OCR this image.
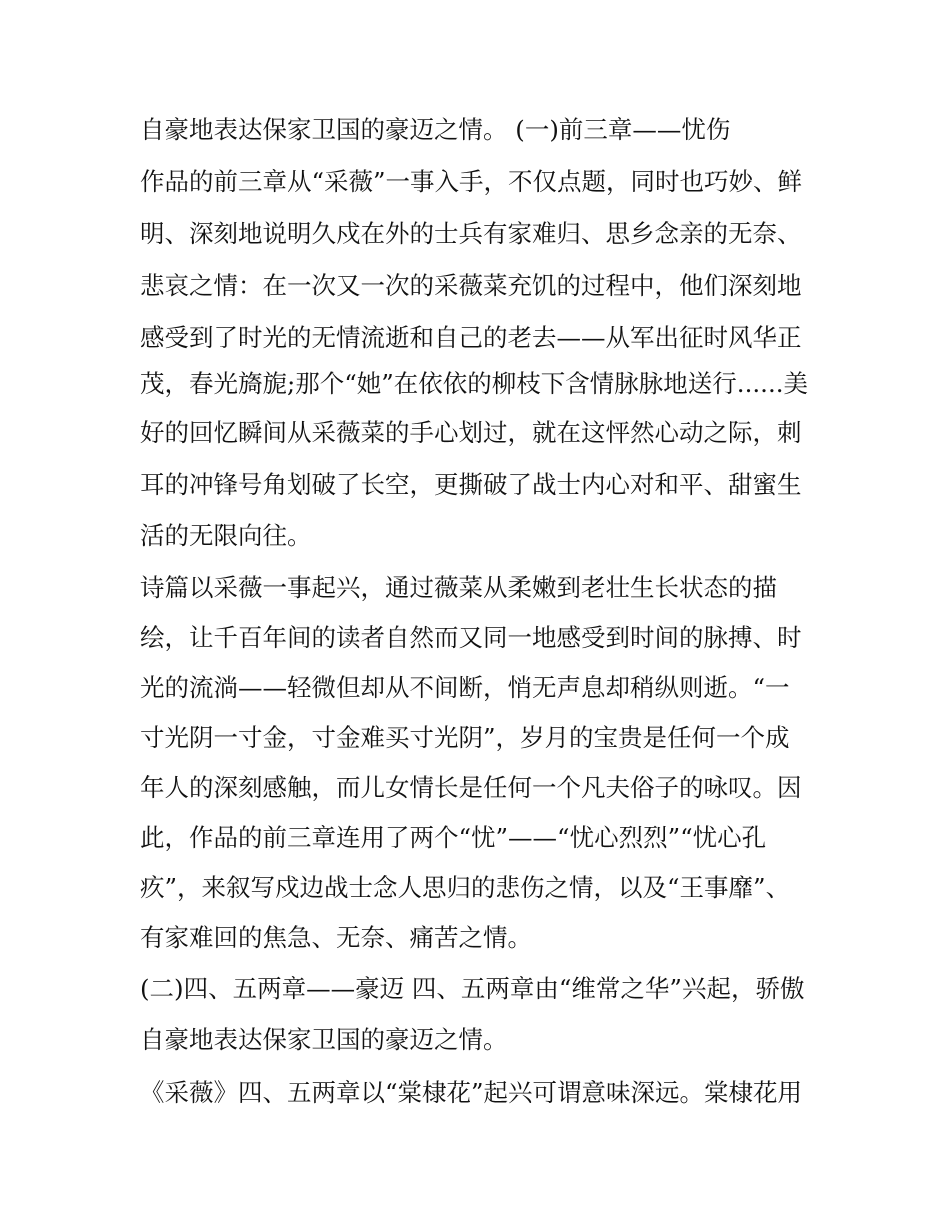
自豪地表达保家卫国的豪迈之情。 (一)前三章——忧伤
作品的前三章从“采薇”一事入手，不仅点题，同时也巧妙、鲜
明、深刻地说明久戍在外的士兵有家难归、思乡念亲的无奈、
悲哀之情：在一次又一次的采薇菜充饥的过程中，他们深刻地
感受到了时光的无情流逝和自己的老去——从军出征时风华正
茂，春光旖旎;那个“她”在依依的柳枝下含情脉脉地送行......美
好的回忆瞬间从采薇菜的手心划过，就在这怦然心动之际，刺
耳的冲锋号角划破了长空，更撕破了战士内心对和平、甜蜜生
活的无限向往。
诗篇以采薇一事起兴，通过薇菜从柔嫩到老壮生长状态的描
绘，让千百年间的读者自然而又同一地感受到时间的脉搏、时
光的流淌——轻微但却从不间断，悄无声息却稍纵则逝。“一
寸光阴一寸金，寸金难买寸光阴”，岁月的宝贵是任何一个成
年人的深刻感触，而儿女情长是任何一个凡夫俗子的咏叹。因
此，作品的前三章连用了两个“忧”——“忧心烈烈”“忧心孔
疚”，来叙写戍边战士念人思归的悲伤之情，以及“王事靡”、
有家难回的焦急、无奈、痛苦之情。
(二)四、五两章——豪迈 四、五两章由“维常之华”兴起，骄傲
自豪地表达保家卫国的豪迈之情。
《采薇》四、五两章以“棠棣花”起兴可谓意味深远。棠棣花用
